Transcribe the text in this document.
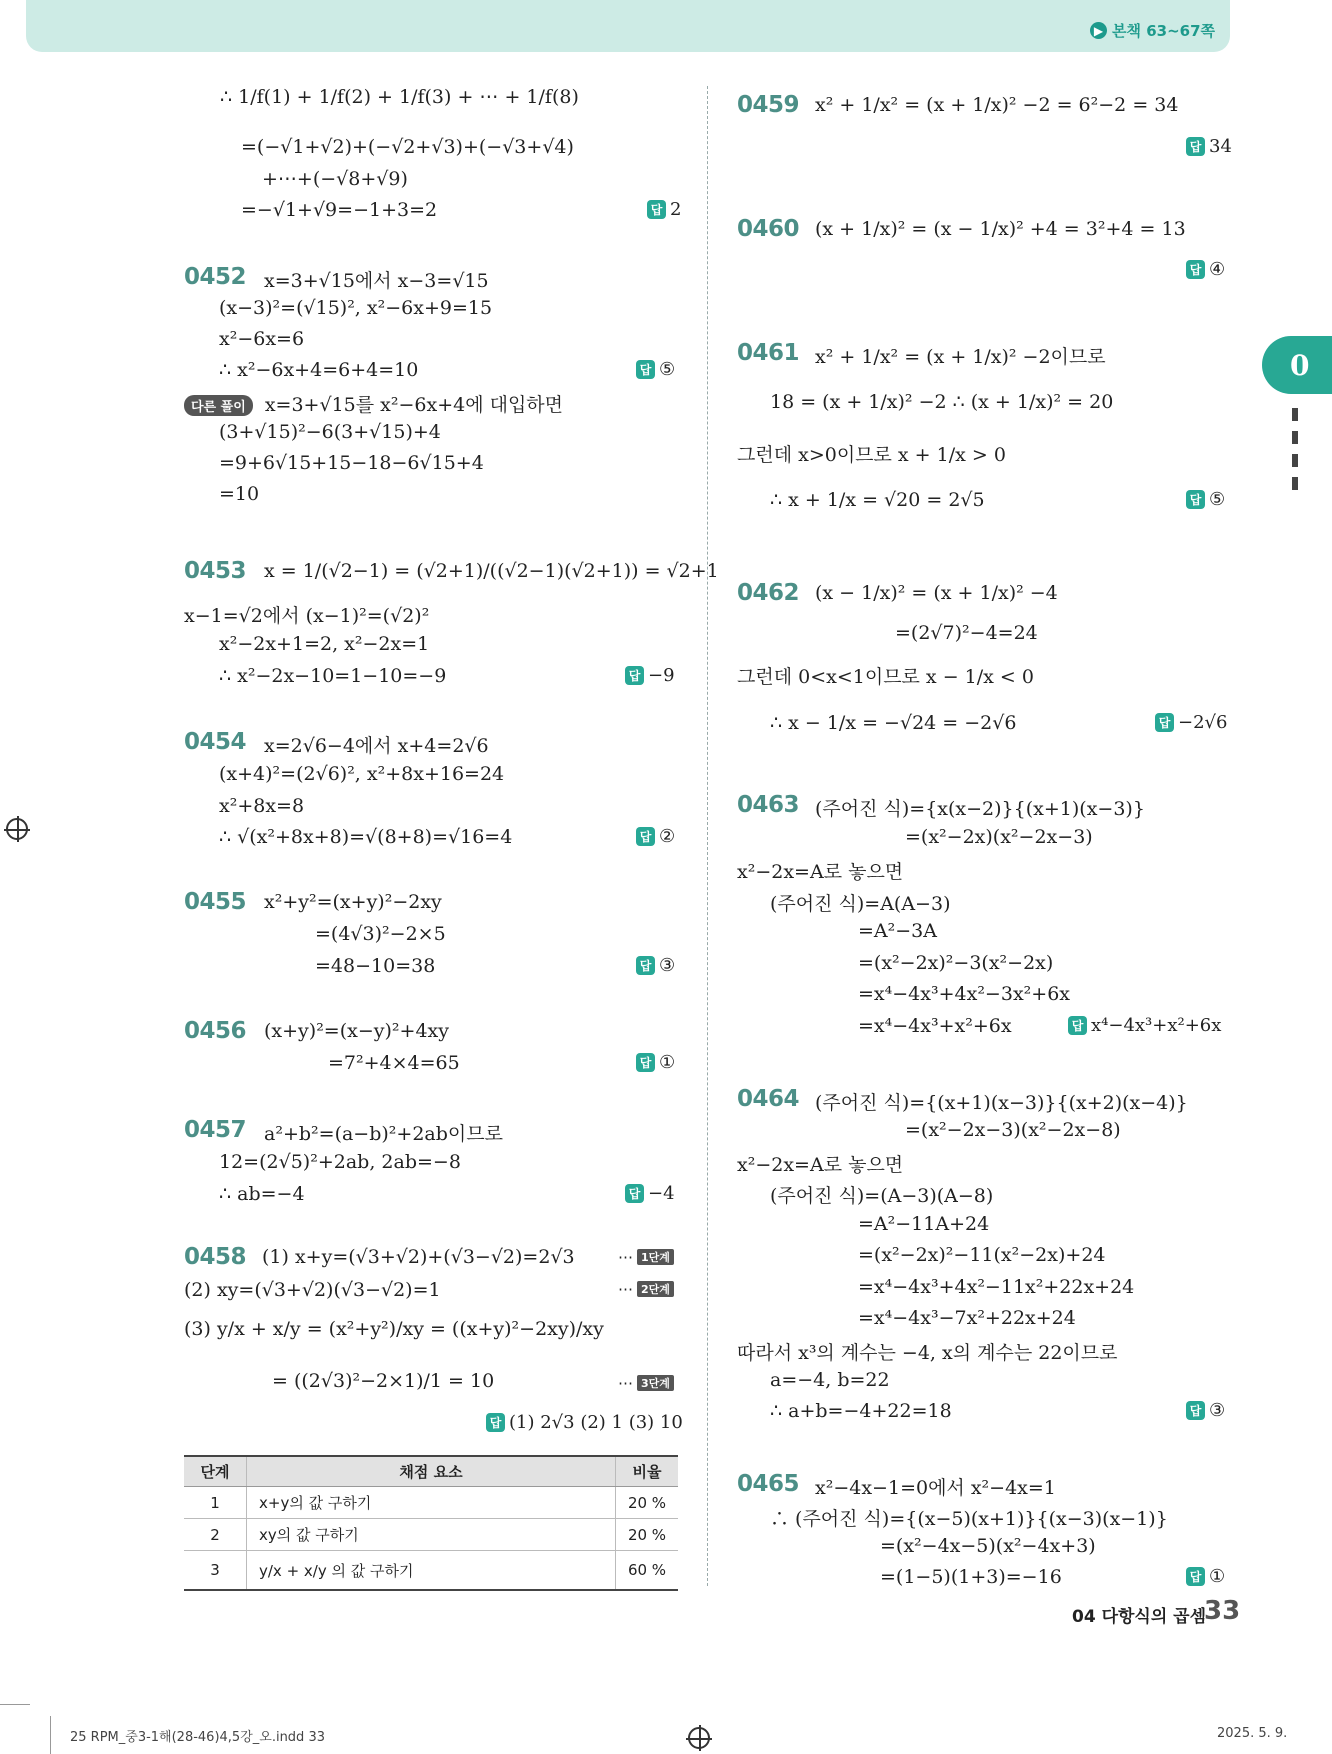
▶ 본책 63~67쪽
0
∴ 1/f(1) + 1/f(2) + 1/f(3) + ⋯ + 1/f(8)
=(−√1+√2)+(−√2+√3)+(−√3+√4)
+⋯+(−√8+√9)
=−√1+√9=−1+3=2	답 2
0452 x=3+√15에서 x−3=√15
(x−3)²=(√15)², x²−6x+9=15
x²−6x=6
∴ x²−6x+4=6+4=10	답 ⑤
다른 풀이 x=3+√15를 x²−6x+4에 대입하면
(3+√15)²−6(3+√15)+4
=9+6√15+15−18−6√15+4
=10
0453 x = 1/(√2−1) = (√2+1)/((√2−1)(√2+1)) = √2+1
x−1=√2에서 (x−1)²=(√2)²
x²−2x+1=2, x²−2x=1
∴ x²−2x−10=1−10=−9	답 −9
0454 x=2√6−4에서 x+4=2√6
(x+4)²=(2√6)², x²+8x+16=24
x²+8x=8
∴ √(x²+8x+8)=√(8+8)=√16=4	답 ②
0455 x²+y²=(x+y)²−2xy
=(4√3)²−2×5
=48−10=38	답 ③
0456 (x+y)²=(x−y)²+4xy
=7²+4×4=65	답 ①
0457 a²+b²=(a−b)²+2ab이므로
12=(2√5)²+2ab, 2ab=−8
∴ ab=−4	답 −4
0458 (1) x+y=(√3+√2)+(√3−√2)=2√3	⋯ 1단계
(2) xy=(√3+√2)(√3−√2)=1	⋯ 2단계
(3) y/x + x/y = (x²+y²)/xy = ((x+y)²−2xy)/xy
= ((2√3)²−2×1)/1 = 10	⋯ 3단계
답 (1) 2√3 (2) 1 (3) 10
단계	채점 요소	비율
1	x+y의 값 구하기	20 %
2	xy의 값 구하기	20 %
3	y/x + x/y 의 값 구하기	60 %
0459 x² + 1/x² = (x + 1/x)² −2 = 6²−2 = 34
답 34
0460 (x + 1/x)² = (x − 1/x)² +4 = 3²+4 = 13
답 ④
0461 x² + 1/x² = (x + 1/x)² −2이므로
18 = (x + 1/x)² −2 ∴ (x + 1/x)² = 20
그런데 x>0이므로 x + 1/x > 0
∴ x + 1/x = √20 = 2√5	답 ⑤
0462 (x − 1/x)² = (x + 1/x)² −4
=(2√7)²−4=24
그런데 0<x<1이므로 x − 1/x < 0
∴ x − 1/x = −√24 = −2√6	답 −2√6
0463 (주어진 식)={x(x−2)}{(x+1)(x−3)}
=(x²−2x)(x²−2x−3)
x²−2x=A로 놓으면
(주어진 식)=A(A−3)
=A²−3A
=(x²−2x)²−3(x²−2x)
=x⁴−4x³+4x²−3x²+6x
=x⁴−4x³+x²+6x	답 x⁴−4x³+x²+6x
0464 (주어진 식)={(x+1)(x−3)}{(x+2)(x−4)}
=(x²−2x−3)(x²−2x−8)
x²−2x=A로 놓으면
(주어진 식)=(A−3)(A−8)
=A²−11A+24
=(x²−2x)²−11(x²−2x)+24
=x⁴−4x³+4x²−11x²+22x+24
=x⁴−4x³−7x²+22x+24
따라서 x³의 계수는 −4, x의 계수는 22이므로
a=−4, b=22
∴ a+b=−4+22=18	답 ③
0465 x²−4x−1=0에서 x²−4x=1
∴ (주어진 식)={(x−5)(x+1)}{(x−3)(x−1)}
=(x²−4x−5)(x²−4x+3)
=(1−5)(1+3)=−16	답 ①
04 다항식의 곱셈
33
25 RPM_중3-1해(28-46)4,5강_오.indd 33	2025. 5. 9.
